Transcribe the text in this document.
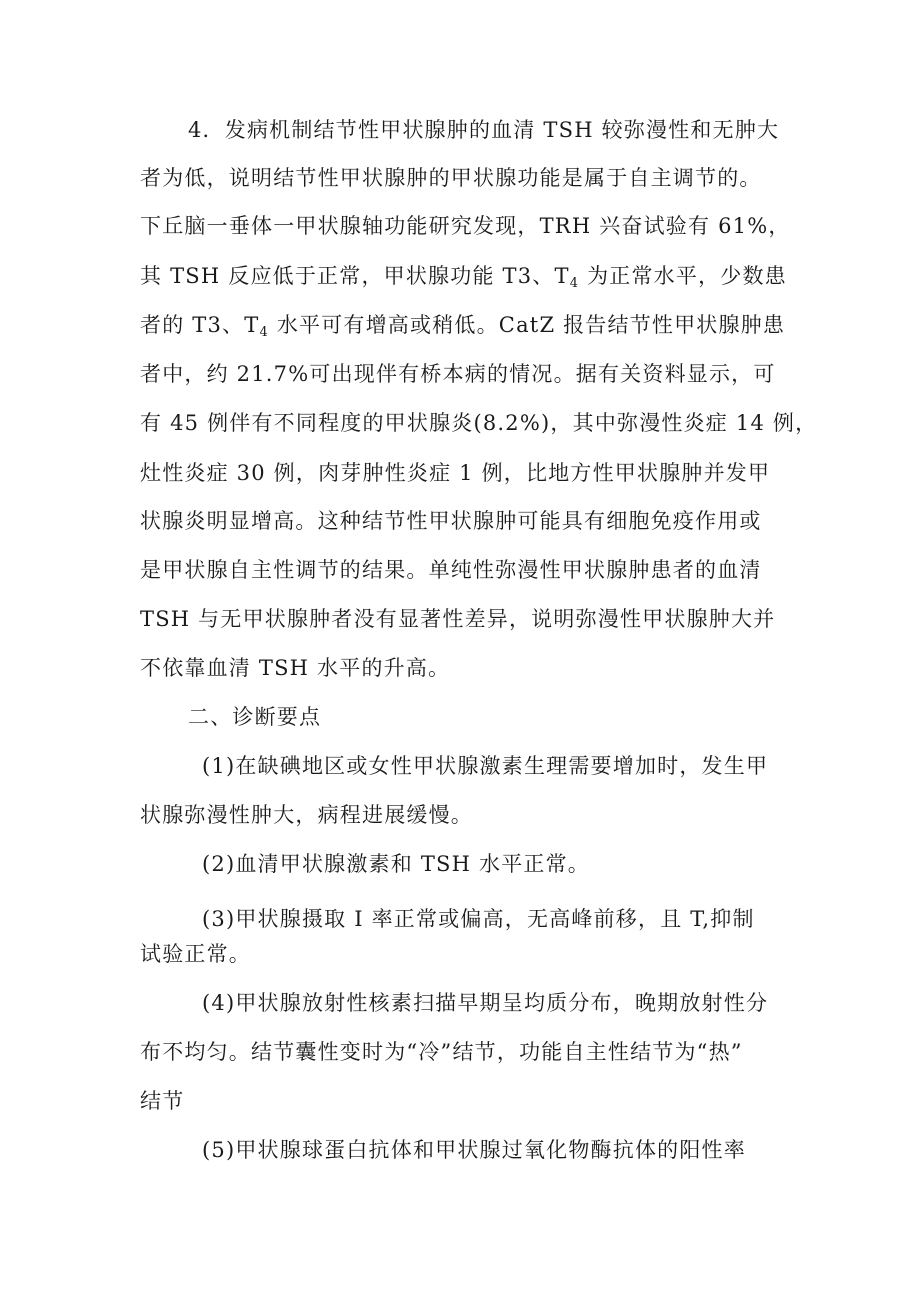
4．发病机制结节性甲状腺肿的血清 TSH 较弥漫性和无肿大
者为低，说明结节性甲状腺肿的甲状腺功能是属于自主调节的。
下丘脑一垂体一甲状腺轴功能研究发现，TRH 兴奋试验有 61%，
其 TSH 反应低于正常，甲状腺功能 T3、$T_4$ 为正常水平，少数患
者的 T3、$T_4$ 水平可有增高或稍低。CatZ 报告结节性甲状腺肿患
者中，约 21.7%可出现伴有桥本病的情况。据有关资料显示，可
有 45 例伴有不同程度的甲状腺炎(8.2%)，其中弥漫性炎症 14 例，
灶性炎症 30 例，肉芽肿性炎症 1 例，比地方性甲状腺肿并发甲
状腺炎明显增高。这种结节性甲状腺肿可能具有细胞免疫作用或
是甲状腺自主性调节的结果。单纯性弥漫性甲状腺肿患者的血清
TSH 与无甲状腺肿者没有显著性差异，说明弥漫性甲状腺肿大并
不依靠血清 TSH 水平的升高。
二、诊断要点
(1)在缺碘地区或女性甲状腺激素生理需要增加时，发生甲
状腺弥漫性肿大，病程进展缓慢。
(2)血清甲状腺激素和 TSH 水平正常。
(3)甲状腺摄取 I 率正常或偏高，无高峰前移，且 T,抑制
试验正常。
(4)甲状腺放射性核素扫描早期呈均质分布，晚期放射性分
布不均匀。结节囊性变时为“冷”结节，功能自主性结节为“热”
结节
(5)甲状腺球蛋白抗体和甲状腺过氧化物酶抗体的阳性率
